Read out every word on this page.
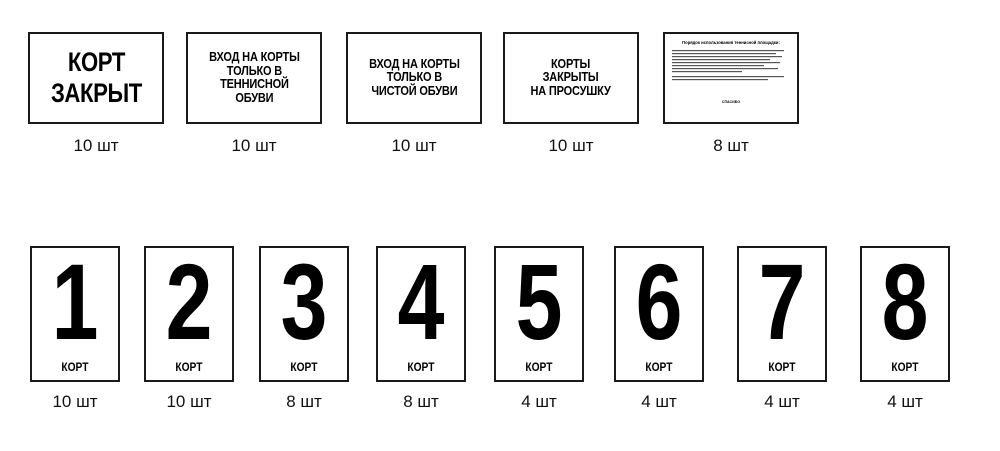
КОРТ
ЗАКРЫТ
10 шт
ВХОД НА КОРТЫ
ТОЛЬКО В
ТЕННИСНОЙ
ОБУВИ
10 шт
ВХОД НА КОРТЫ
ТОЛЬКО В
ЧИСТОЙ ОБУВИ
10 шт
КОРТЫ
ЗАКРЫТЫ
НА ПРОСУШКУ
10 шт
Порядок использования теннисной площадки:
СПАСИБО
8 шт
1
КОРТ
10 шт
2
КОРТ
10 шт
3
КОРТ
8 шт
4
КОРТ
8 шт
5
КОРТ
4 шт
6
КОРТ
4 шт
7
КОРТ
4 шт
8
КОРТ
4 шт
